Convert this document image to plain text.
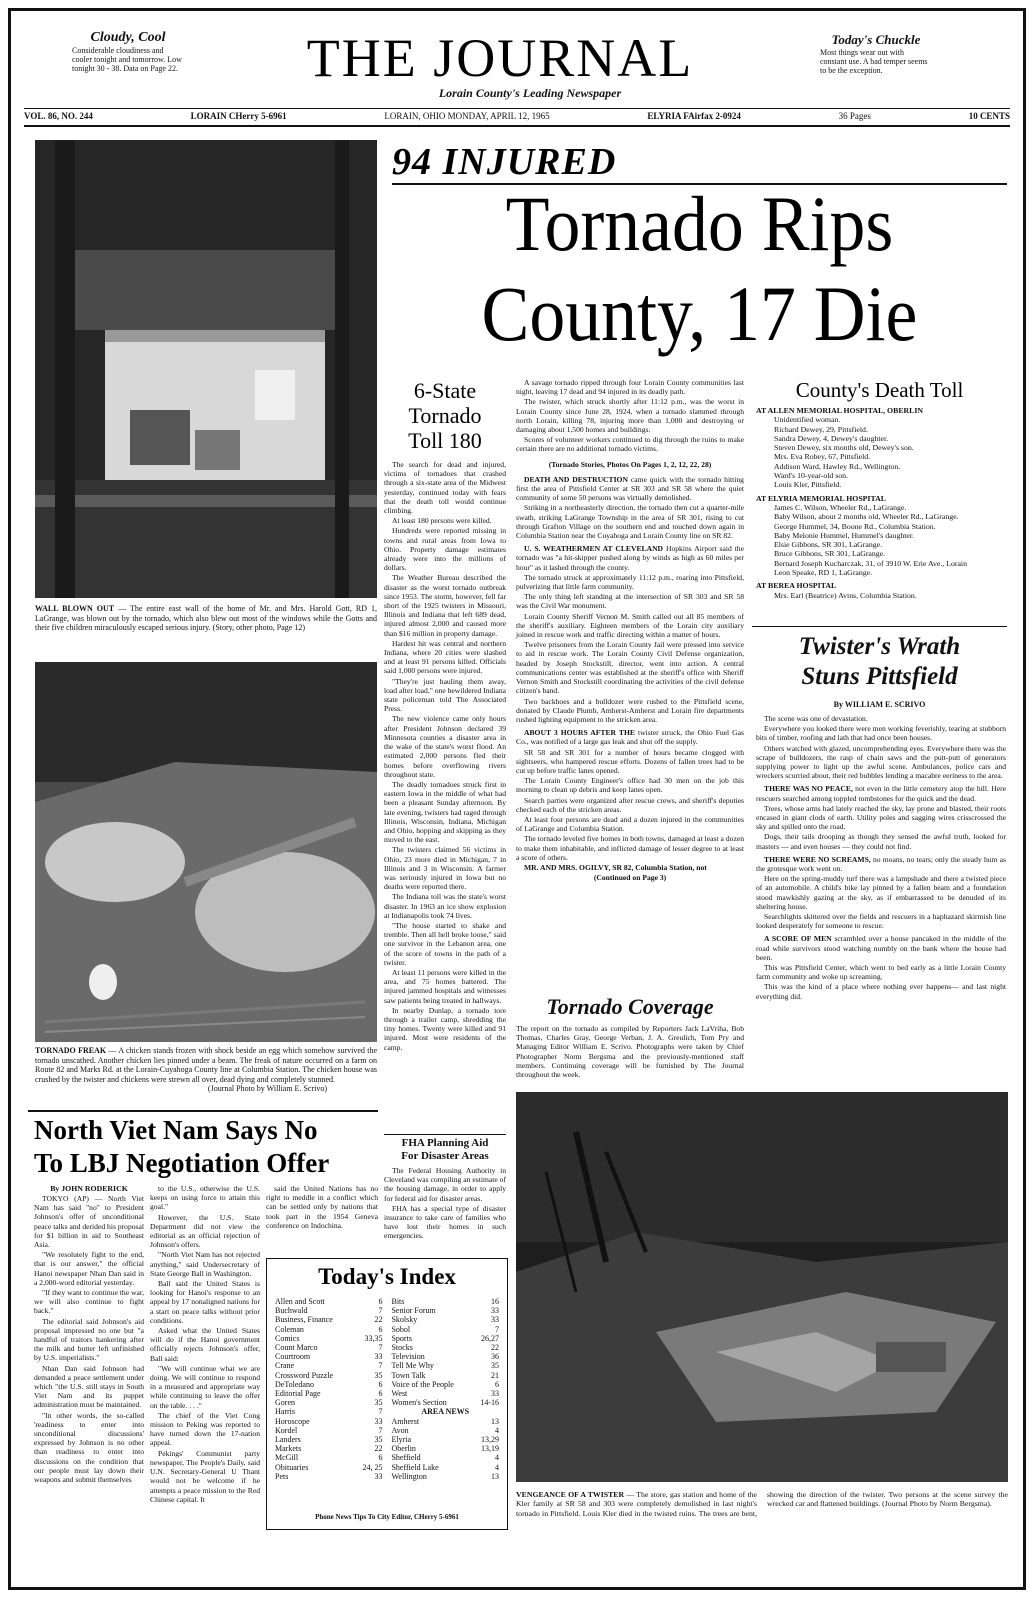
Cloudy, Cool
Considerable cloudiness and cooler tonight and tomorrow. Low tonight 30 - 38. Data on Page 22.	THE JOURNAL
Lorain County's Leading Newspaper
Today's Chuckle
Most things wear out with constant use. A bad temper seems to be the exception.
VOL. 86, NO. 244	LORAIN CHerry 5-6961	LORAIN, OHIO MONDAY, APRIL 12, 1965	ELYRIA FAirfax 2-0924	36 Pages	10 CENTS
WALL BLOWN OUT — The entire east wall of the home of Mr. and Mrs. Harold Gott, RD 1, LaGrange, was blown out by the tornado, which also blew out most of the windows while the Gotts and their five children miraculously escaped serious injury. (Story, other photo, Page 12)
TORNADO FREAK — A chicken stands frozen with shock beside an egg which somehow survived the tornado unscathed. Another chicken lies pinned under a beam. The freak of nature occurred on a farm on Route 82 and Marks Rd. at the Lorain-Cuyahoga County line at Columbia Station. The chicken house was crushed by the twister and chickens were strewn all over, dead dying and completely stunned.
(Journal Photo by William E. Scrivo)
94 INJURED
Tornado Rips
County, 17 Die
6-State
Tornado
Toll 180

The search for dead and injured, victims of tornadoes that crashed through a six-state area of the Midwest yesterday, continued today with fears that the death toll would continue climbing.

At least 180 persons were killed.

Hundreds were reported missing in towns and rural areas from Iowa to Ohio. Property damage estimates already were into the millions of dollars.

The Weather Bureau described the disaster as the worst tornado outbreak since 1953. The storm, however, fell far short of the 1925 twisters in Missouri, Illinois and Indiana that left 689 dead, injured almost 2,000 and caused more than $16 million in property damage.

Hardest hit was central and northern Indiana, where 20 cities were slashed and at least 91 persons killed. Officials said 1,000 persons were injured.

"They're just hauling them away, load after load," one bewildered Indiana state policeman told The Associated Press.

The new violence came only hours after President Johnson declared 39 Minnesota counties a disaster area in the wake of the state's worst flood. An estimated 2,000 persons fled their homes before overflowing rivers throughout state.

The deadly tornadoes struck first in eastern Iowa in the middle of what had been a pleasant Sunday afternoon. By late evening, twisters had raged through Illinois, Wisconsin, Indiana, Michigan and Ohio, hopping and skipping as they moved to the east.

The twisters claimed 56 victims in Ohio, 23 more died in Michigan, 7 in Illinois and 3 in Wisconsin. A farmer was seriously injured in Iowa but no deaths were reported there.

The Indiana toll was the state's worst disaster. In 1963 an ice show explosion at Indianapolis took 74 lives.

"The house started to shake and tremble. Then all hell broke loose," said one survivor in the Lebanon area, one of the score of towns in the path of a twister.

At least 11 persons were killed in the area, and 75 homes battered. The injured jammed hospitals and witnesses saw patients being treated in hallways.

In nearby Dunlap, a tornado tore through a trailer camp, shredding the tiny homes. Twenty were killed and 91 injured. Most were residents of the camp.

FHA Planning Aid
For Disaster Areas

The Federal Housing Authority in Cleveland was compiling an estimate of the housing damage, in order to apply for federal aid for disaster areas.

FHA has a special type of disaster insurance to take care of families who have lost their homes in such emergencies.

A savage tornado ripped through four Lorain County communities last night, leaving 17 dead and 94 injured in its deadly path.

The twister, which struck shortly after 11:12 p.m., was the worst in Lorain County since June 28, 1924, when a tornado slammed through north Lorain, killing 78, injuring more than 1,000 and destroying or damaging about 1,500 homes and buildings.

Scores of volunteer workers continued to dig through the ruins to make certain there are no additional tornado victims.

(Tornado Stories, Photos On Pages 1, 2, 12, 22, 28)

DEATH AND DESTRUCTION came quick with the tornado hitting first the area of Pittsfield Center at SR 303 and SR 58 where the quiet community of some 50 persons was virtually demolished.

Striking in a northeasterly direction, the tornado then cut a quarter-mile swath, striking LaGrange Township in the area of SR 301, rising to cut through Grafton Village on the southern end and touched down again in Columbia Station near the Cuyahoga and Lorain County line on SR 82.

U. S. WEATHERMEN AT CLEVELAND Hopkins Airport said the tornado was "a hit-skipper pushed along by winds as high as 60 miles per hour" as it lashed through the county.

The tornado struck at approximately 11:12 p.m., roaring into Pittsfield, pulverizing that little farm community.

The only thing left standing at the intersection of SR 303 and SR 58 was the Civil War monument.

Lorain County Sheriff Vernon M. Smith called out all 85 members of the sheriff's auxiliary. Eighteen members of the Lorain city auxiliary joined in rescue work and traffic directing within a matter of hours.

Twelve prisoners from the Lorain County Jail were pressed into service to aid in rescue work. The Lorain County Civil Defense organization, headed by Joseph Stockstill, director, went into action. A central communications center was established at the sheriff's office with Sheriff Vernon Smith and Stockstill coordinating the activities of the civil defense citizen's band.

Two backhoes and a bulldozer were rushed to the Pittsfield scene, donated by Claude Plumb, Amherst-Amherst and Lorain fire departments rushed lighting equipment to the stricken area.

ABOUT 3 HOURS AFTER THE twister struck, the Ohio Fuel Gas Co., was notified of a large gas leak and shut off the supply.

SR 58 and SR 301 for a number of hours became clogged with sightseers, who hampered rescue efforts. Dozens of fallen trees had to be cut up before traffic lanes opened.

The Lorain County Engineer's office had 30 men on the job this morning to clean up debris and keep lanes open.

Search parties were organized after rescue crews, and sheriff's deputies checked each of the stricken areas.

At least four persons are dead and a dozen injured in the communities of LaGrange and Columbia Station.

The tornado leveled five homes in both towns, damaged at least a dozen to make them inhabitable, and inflicted damage of lesser degree to at least a score of others.

MR. AND MRS. OGILVY, SR 82, Columbia Station, not

(Continued on Page 3)
County's Death Toll
AT ALLEN MEMORIAL HOSPITAL, OBERLIN
Unidentified woman.
Richard Dewey, 29, Pittsfield.
Sandra Dewey, 4, Dewey's daughter.
Steven Dewey, six months old, Dewey's son.
Mrs. Eva Robey, 67, Pittsfield.
Addison Ward, Hawley Rd., Wellington.
Ward's 10-year-old son.
Louis Kler, Pittsfield.
AT ELYRIA MEMORIAL HOSPITAL
James C. Wilson, Wheeler Rd., LaGrange.
Baby Wilson, about 2 months old, Wheeler Rd., LaGrange.
George Hummel, 34, Boone Rd., Columbia Station.
Baby Melonie Hummel, Hummel's daughter.
Elsie Gibbons, SR 301, LaGrange.
Bruce Gibbons, SR 301, LaGrange.
Bernard Joseph Kucharczak, 31, of 3910 W. Erie Ave., Lorain
Leon Speake, RD 1, LaGrange.
AT BEREA HOSPITAL
Mrs. Earl (Beatrice) Avins, Columbia Station.
Twister's Wrath
Stuns Pittsfield
By WILLIAM E. SCRIVO

The scene was one of devastation.

Everywhere you looked there were men working feverishly, tearing at stubborn bits of timber, roofing and lath that had once been houses.

Others watched with glazed, uncomprehending eyes. Everywhere there was the scrape of bulldozers, the rasp of chain saws and the putt-putt of generators supplying power to light up the awful scene. Ambulances, police cars and wreckers scurried about, their red bubbles lending a macabre eeriness to the area.

THERE WAS NO PEACE, not even in the little cemetery atop the hill. Here rescuers searched among toppled tombstones for the quick and the dead.

Trees, whose arms had lately reached the sky, lay prone and blasted, their roots encased in giant clods of earth. Utility poles and sagging wires crisscrossed the sky and spilled onto the road.

Dogs, their tails drooping as though they sensed the awful truth, looked for masters — and even houses — they could not find.

THERE WERE NO SCREAMS, no moans, no tears; only the steady hum as the grotesque work went on.

Here on the spring-muddy turf there was a lampshade and there a twisted piece of an automobile. A child's bike lay pinned by a fallen beam and a foundation stood mawkishly gazing at the sky, as if embarrassed to be denuded of its sheltering house.

Searchlights skittered over the fields and rescuers in a haphazard skirmish line looked desperately for someone to rescue.

A SCORE OF MEN scrambled over a house pancaked in the middle of the road while survivors stood watching numbly on the bank where the house had been.

This was Pittsfield Center, which went to bed early as a little Lorain County farm community and woke up screaming.

This was the kind of a place where nothing ever happens— and last night everything did.

Tornado Coverage
The report on the tornado as compiled by Reporters Jack LaVriha, Bob Thomas, Charles Gray, George Verban, J. A. Greulich, Tom Pry and Managing Editor William E. Scrivo. Photographs were taken by Chief Photographer Norm Bergsma and the previously-mentioned staff members. Continuing coverage will be furnished by The Journal throughout the week.
VENGEANCE OF A TWISTER — The store, gas station and home of the Kler family at SR 58 and 303 were completely demolished in last night's tornado in Pittsfield. Louis Kler died in the twisted ruins. The trees are bent, showing the direction of the twister. Two persons at the scene survey the wrecked car and flattened buildings. (Journal Photo by Norm Bergsma).
North Viet Nam Says No
To LBJ Negotiation Offer
By JOHN RODERICK

TOKYO (AP) — North Viet Nam has said "no" to President Johnson's offer of unconditional peace talks and derided his proposal for $1 billion in aid to Southeast Asia.

"We resolutely fight to the end, that is our answer," the official Hanoi newspaper Nhan Dan said in a 2,000-word editorial yesterday.

"If they want to continue the war, we will also continue to fight back."

The editorial said Johnson's aid proposal impressed no one but "a handful of traitors hankering after the milk and butter left unfinished by U.S. imperialists."

Nhan Dan said Johnson had demanded a peace settlement under which "the U.S. still stays in South Viet Nam and its puppet administration must be maintained.

"In other words, the so-called 'readiness to enter into unconditional discussions' expressed by Johnson is no other than readiness to enter into discussions on the condition that our people must lay down their weapons and submit themselves

to the U.S., otherwise the U.S. keeps on using force to attain this goal."

However, the U.S. State Department did not view the editorial as an official rejection of Johnson's offers.

"North Viet Nam has not rejected anything," said Undersecretary of State George Ball in Washington.

Ball said the United States is looking for Hanoi's response to an appeal by 17 nonaligned nations for a start on peace talks without prior conditions.

Asked what the United States will do if the Hanoi government officially rejects Johnson's offer, Ball said:

"We will continue what we are doing. We will continue to respond in a measured and appropriate way while continuing to leave the offer on the table. . . ."

The chief of the Viet Cong mission to Peking was reported to have turned down the 17-nation appeal.

Pekings' Communist party newspaper, The People's Daily, said U.N. Secretary-General U Thant would not be welcome if he attempts a peace mission to the Red Chinese capital. It

said the United Nations has no right to meddle in a conflict which can be settled only by nations that took part in the 1954 Geneva conference on Indochina.

Today's Index
Allen and Scott	6
Buchwald	7
Business, Finance	22
Coleman	6
Comics	33,35
Count Marco	7
Courtroom	33
Crane	7
Crossword Puzzle	35
DeToledano	6
Editorial Page	6
Goren	35
Harris	7
Horoscope	33
Kordel	7
Landers	35
Markets	22
McGill	6
Obituaries	24, 25
Pets	33
Bits	16
Senior Forum	33
Skolsky	33
Sobol	7
Sports	26,27
Stocks	22
Television	36
Tell Me Why	35
Town Talk	21
Voice of the People	6
West	33
Women's Section	14-16
AREA NEWS
Amherst	13
Avon	4
Elyria	13,29
Oberlin	13,19
Sheffield	4
Sheffield Lake	4
Wellington	13
Phone News Tips To City Editor, CHerry 5-6961
